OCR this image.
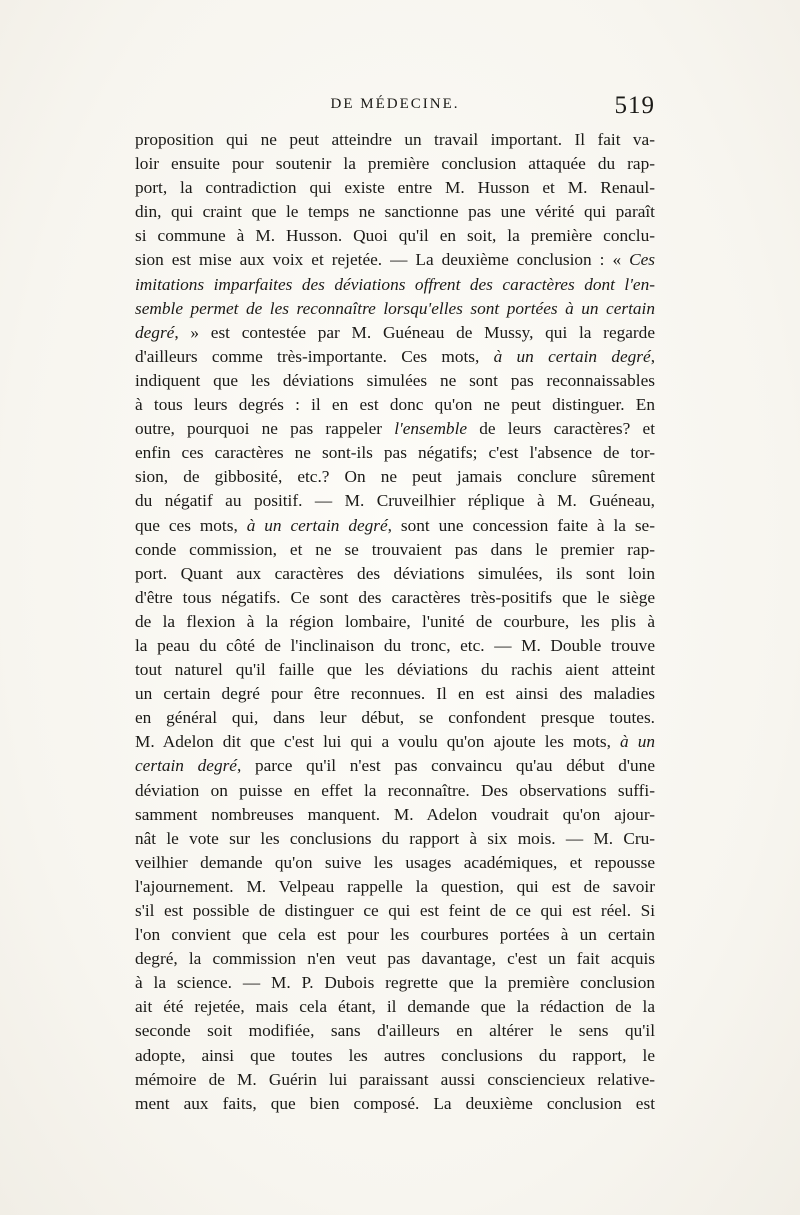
DE MÉDECINE.	519
proposition qui ne peut atteindre un travail important. Il fait va-
loir ensuite pour soutenir la première conclusion attaquée du rap-
port, la contradiction qui existe entre M. Husson et M. Renaul-
din, qui craint que le temps ne sanctionne pas une vérité qui paraît
si commune à M. Husson. Quoi qu'il en soit, la première conclu-
sion est mise aux voix et rejetée. — La deuxième conclusion : « Ces
imitations imparfaites des déviations offrent des caractères dont l'en-
semble permet de les reconnaître lorsqu'elles sont portées à un certain
degré, » est contestée par M. Guéneau de Mussy, qui la regarde
d'ailleurs comme très-importante. Ces mots, à un certain degré,
indiquent que les déviations simulées ne sont pas reconnaissables
à tous leurs degrés : il en est donc qu'on ne peut distinguer. En
outre, pourquoi ne pas rappeler l'ensemble de leurs caractères? et
enfin ces caractères ne sont-ils pas négatifs; c'est l'absence de tor-
sion, de gibbosité, etc.? On ne peut jamais conclure sûrement
du négatif au positif. — M. Cruveilhier réplique à M. Guéneau,
que ces mots, à un certain degré, sont une concession faite à la se-
conde commission, et ne se trouvaient pas dans le premier rap-
port. Quant aux caractères des déviations simulées, ils sont loin
d'être tous négatifs. Ce sont des caractères très-positifs que le siège
de la flexion à la région lombaire, l'unité de courbure, les plis à
la peau du côté de l'inclinaison du tronc, etc. — M. Double trouve
tout naturel qu'il faille que les déviations du rachis aient atteint
un certain degré pour être reconnues. Il en est ainsi des maladies
en général qui, dans leur début, se confondent presque toutes.
M. Adelon dit que c'est lui qui a voulu qu'on ajoute les mots, à un
certain degré, parce qu'il n'est pas convaincu qu'au début d'une
déviation on puisse en effet la reconnaître. Des observations suffi-
samment nombreuses manquent. M. Adelon voudrait qu'on ajour-
nât le vote sur les conclusions du rapport à six mois. — M. Cru-
veilhier demande qu'on suive les usages académiques, et repousse
l'ajournement. M. Velpeau rappelle la question, qui est de savoir
s'il est possible de distinguer ce qui est feint de ce qui est réel. Si
l'on convient que cela est pour les courbures portées à un certain
degré, la commission n'en veut pas davantage, c'est un fait acquis
à la science. — M. P. Dubois regrette que la première conclusion
ait été rejetée, mais cela étant, il demande que la rédaction de la
seconde soit modifiée, sans d'ailleurs en altérer le sens qu'il
adopte, ainsi que toutes les autres conclusions du rapport, le
mémoire de M. Guérin lui paraissant aussi consciencieux relative-
ment aux faits, que bien composé. La deuxième conclusion est
